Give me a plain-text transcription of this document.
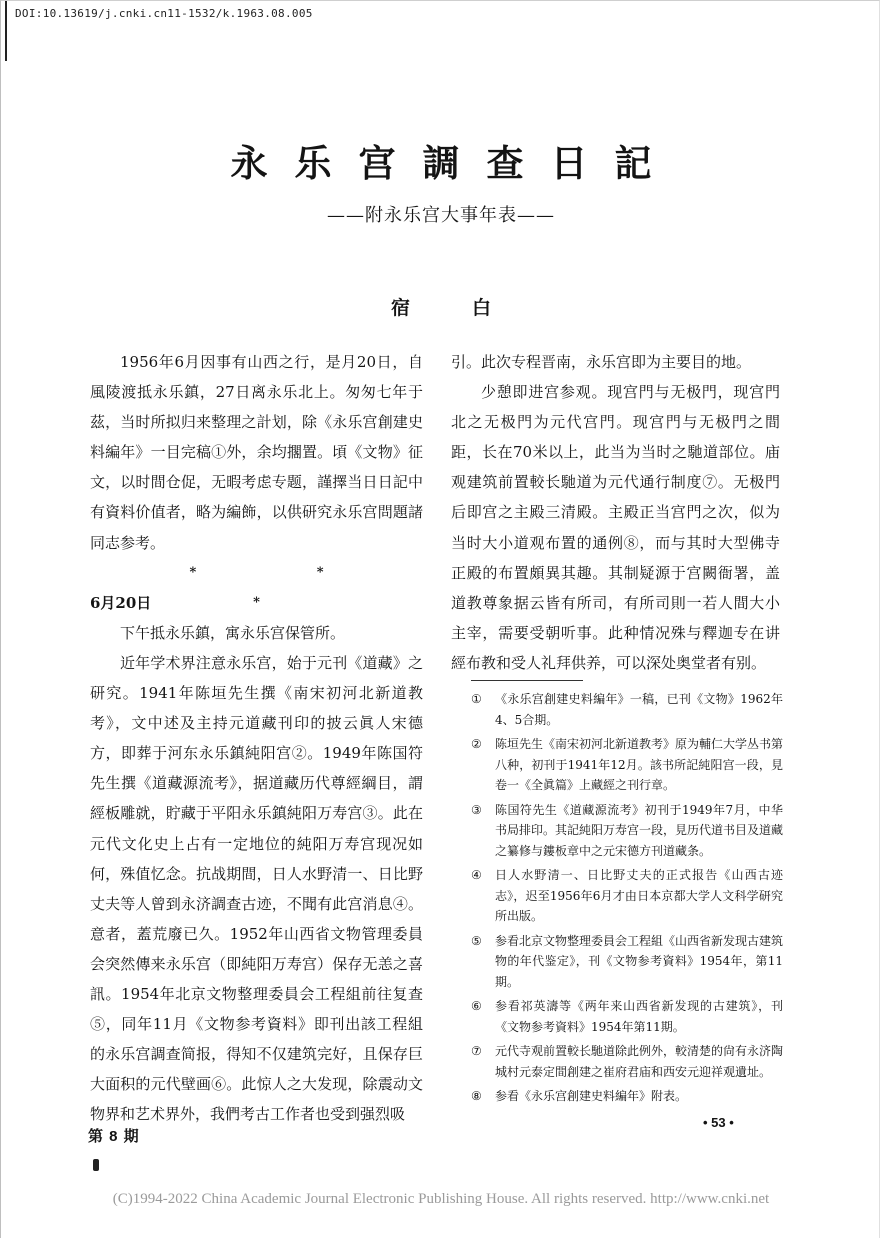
DOI:10.13619/j.cnki.cn11-1532/k.1963.08.005
永乐宫調查日記
——附永乐宫大事年表——
宿白

1956年6月因事有山西之行，是月20日，自風陵渡抵永乐鎮，27日离永乐北上。匆匆七年于茲，当时所拟归来整理之計划，除《永乐宫創建史料編年》一目完稿①外，余均擱置。頃《文物》征文，以时間仓促，无暇考虑专题，謹擇当日日記中有資料价值者，略为編飾，以供研究永乐宫問題諸同志参考。

* * *

6月20日

下午抵永乐鎮，寓永乐宫保管所。

近年学术界注意永乐宫，始于元刊《道藏》之研究。1941年陈垣先生撰《南宋初河北新道教考》，文中述及主持元道藏刊印的披云眞人宋德方，即葬于河东永乐鎮純阳宫②。1949年陈国符先生撰《道藏源流考》，据道藏历代尊經綱目，謂經板雕就，貯藏于平阳永乐鎮純阳万寿宫③。此在元代文化史上占有一定地位的純阳万寿宫现况如何，殊值忆念。抗战期間，日人水野清一、日比野丈夫等人曾到永济調查古迹，不聞有此宫消息④。意者，蓋荒廢已久。1952年山西省文物管理委員会突然傳来永乐宫（即純阳万寿宫）保存无恙之喜訊。1954年北京文物整理委員会工程組前往复查⑤，同年11月《文物参考資料》即刊出該工程組的永乐宫調查简报，得知不仅建筑完好，且保存巨大面积的元代壁画⑥。此惊人之大发现，除震动文物界和艺术界外，我們考古工作者也受到强烈吸

引。此次专程晋南，永乐宫即为主要目的地。

少憩即进宫参观。现宫門与无极門，现宫門北之无极門为元代宫門。现宫門与无极門之間距，长在70米以上，此当为当时之馳道部位。庙观建筑前置較长馳道为元代通行制度⑦。无极門后即宫之主殿三清殿。主殿正当宫門之次，似为当时大小道观布置的通例⑧，而与其时大型佛寺正殿的布置頗異其趣。其制疑源于宫闕衙署，盖道教尊象据云皆有所司，有所司則一若人間大小主宰，需要受朝听事。此种情况殊与釋迦专在讲經布教和受人礼拜供养，可以深处奥堂者有别。

①	《永乐宫創建史料編年》一稿，已刊《文物》1962年4、5合期。
②	陈垣先生《南宋初河北新道教考》原为輔仁大学丛书第八种，初刊于1941年12月。該书所記純阳宫一段，見卷一《全眞篇》上藏經之刊行章。
③	陈国符先生《道藏源流考》初刊于1949年7月，中华书局排印。其記純阳万寿宫一段，見历代道书目及道藏之纂修与鏤板章中之元宋德方刊道藏条。
④	日人水野清一、日比野丈夫的正式报告《山西古迹志》，迟至1956年6月才由日本京都大学人文科学研究所出版。
⑤	参看北京文物整理委員会工程組《山西省新发现古建筑物的年代鉴定》，刊《文物参考資料》1954年，第11期。
⑥	参看祁英濤等《两年来山西省新发现的古建筑》，刊《文物参考資料》1954年第11期。
⑦	元代寺观前置較长馳道除此例外，較清楚的尙有永济陶城村元泰定間創建之崔府君庙和西安元迎祥观遺址。
⑧	参看《永乐宫創建史料編年》附表。
第 8 期
• 53 •
(C)1994-2022 China Academic Journal Electronic Publishing House. All rights reserved. http://www.cnki.net
